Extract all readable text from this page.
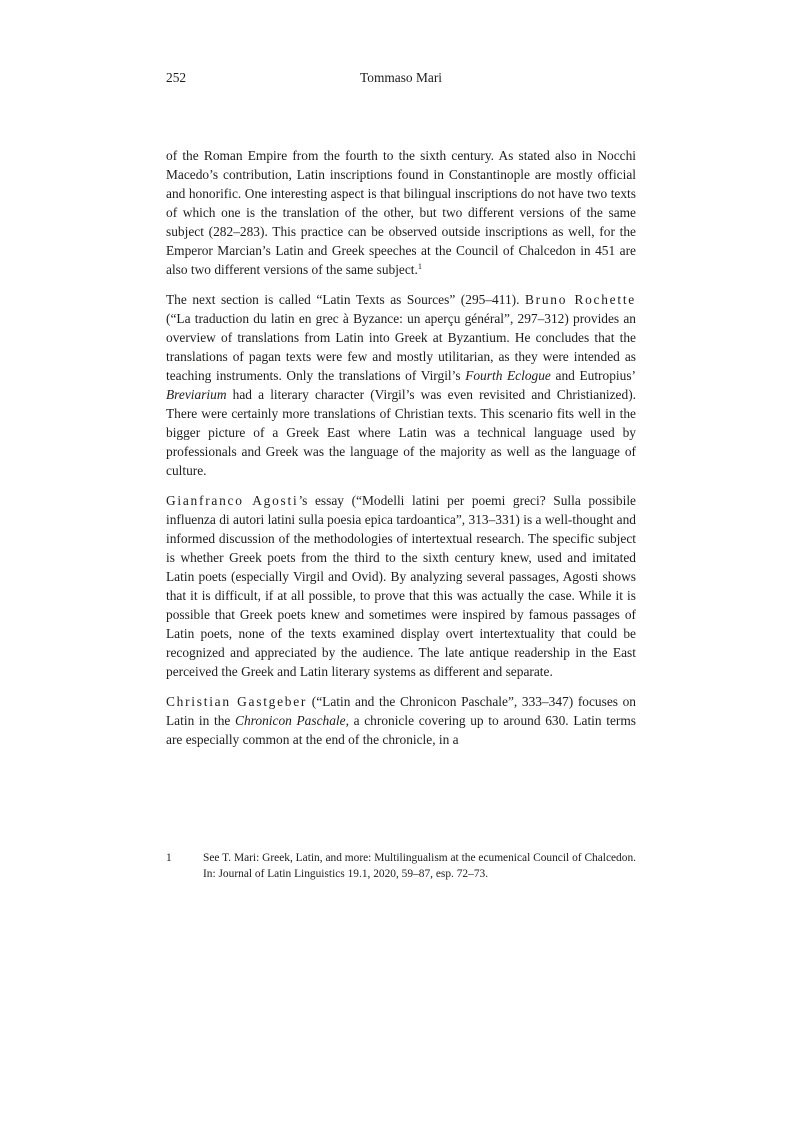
252	Tommaso Mari

of the Roman Empire from the fourth to the sixth century. As stated also in Nocchi Macedo’s contribution, Latin inscriptions found in Constantinople are mostly official and honorific. One interesting aspect is that bilingual inscriptions do not have two texts of which one is the translation of the other, but two different versions of the same subject (282–283). This practice can be observed outside inscriptions as well, for the Emperor Marcian’s Latin and Greek speeches at the Council of Chalcedon in 451 are also two different versions of the same subject.$^1$

The next section is called “Latin Texts as Sources” (295–411). Bruno Rochette (“La traduction du latin en grec à Byzance: un aperçu général”, 297–312) provides an overview of translations from Latin into Greek at Byzantium. He concludes that the translations of pagan texts were few and mostly utilitarian, as they were intended as teaching instruments. Only the translations of Virgil’s Fourth Eclogue and Eutropius’ Breviarium had a literary character (Virgil’s was even revisited and Christianized). There were certainly more translations of Christian texts. This scenario fits well in the bigger picture of a Greek East where Latin was a technical language used by professionals and Greek was the language of the majority as well as the language of culture.

Gianfranco Agosti’s essay (“Modelli latini per poemi greci? Sulla possibile influenza di autori latini sulla poesia epica tardoantica”, 313–331) is a well-thought and informed discussion of the methodologies of intertextual research. The specific subject is whether Greek poets from the third to the sixth century knew, used and imitated Latin poets (especially Virgil and Ovid). By analyzing several passages, Agosti shows that it is difficult, if at all possible, to prove that this was actually the case. While it is possible that Greek poets knew and sometimes were inspired by famous passages of Latin poets, none of the texts examined display overt intertextuality that could be recognized and appreciated by the audience. The late antique readership in the East perceived the Greek and Latin literary systems as different and separate.

Christian Gastgeber (“Latin and the Chronicon Paschale”, 333–347) focuses on Latin in the Chronicon Paschale, a chronicle covering up to around 630. Latin terms are especially common at the end of the chronicle, in a

1	See T. Mari: Greek, Latin, and more: Multilingualism at the ecumenical Council of Chalcedon. In: Journal of Latin Linguistics 19.1, 2020, 59–87, esp. 72–73.
